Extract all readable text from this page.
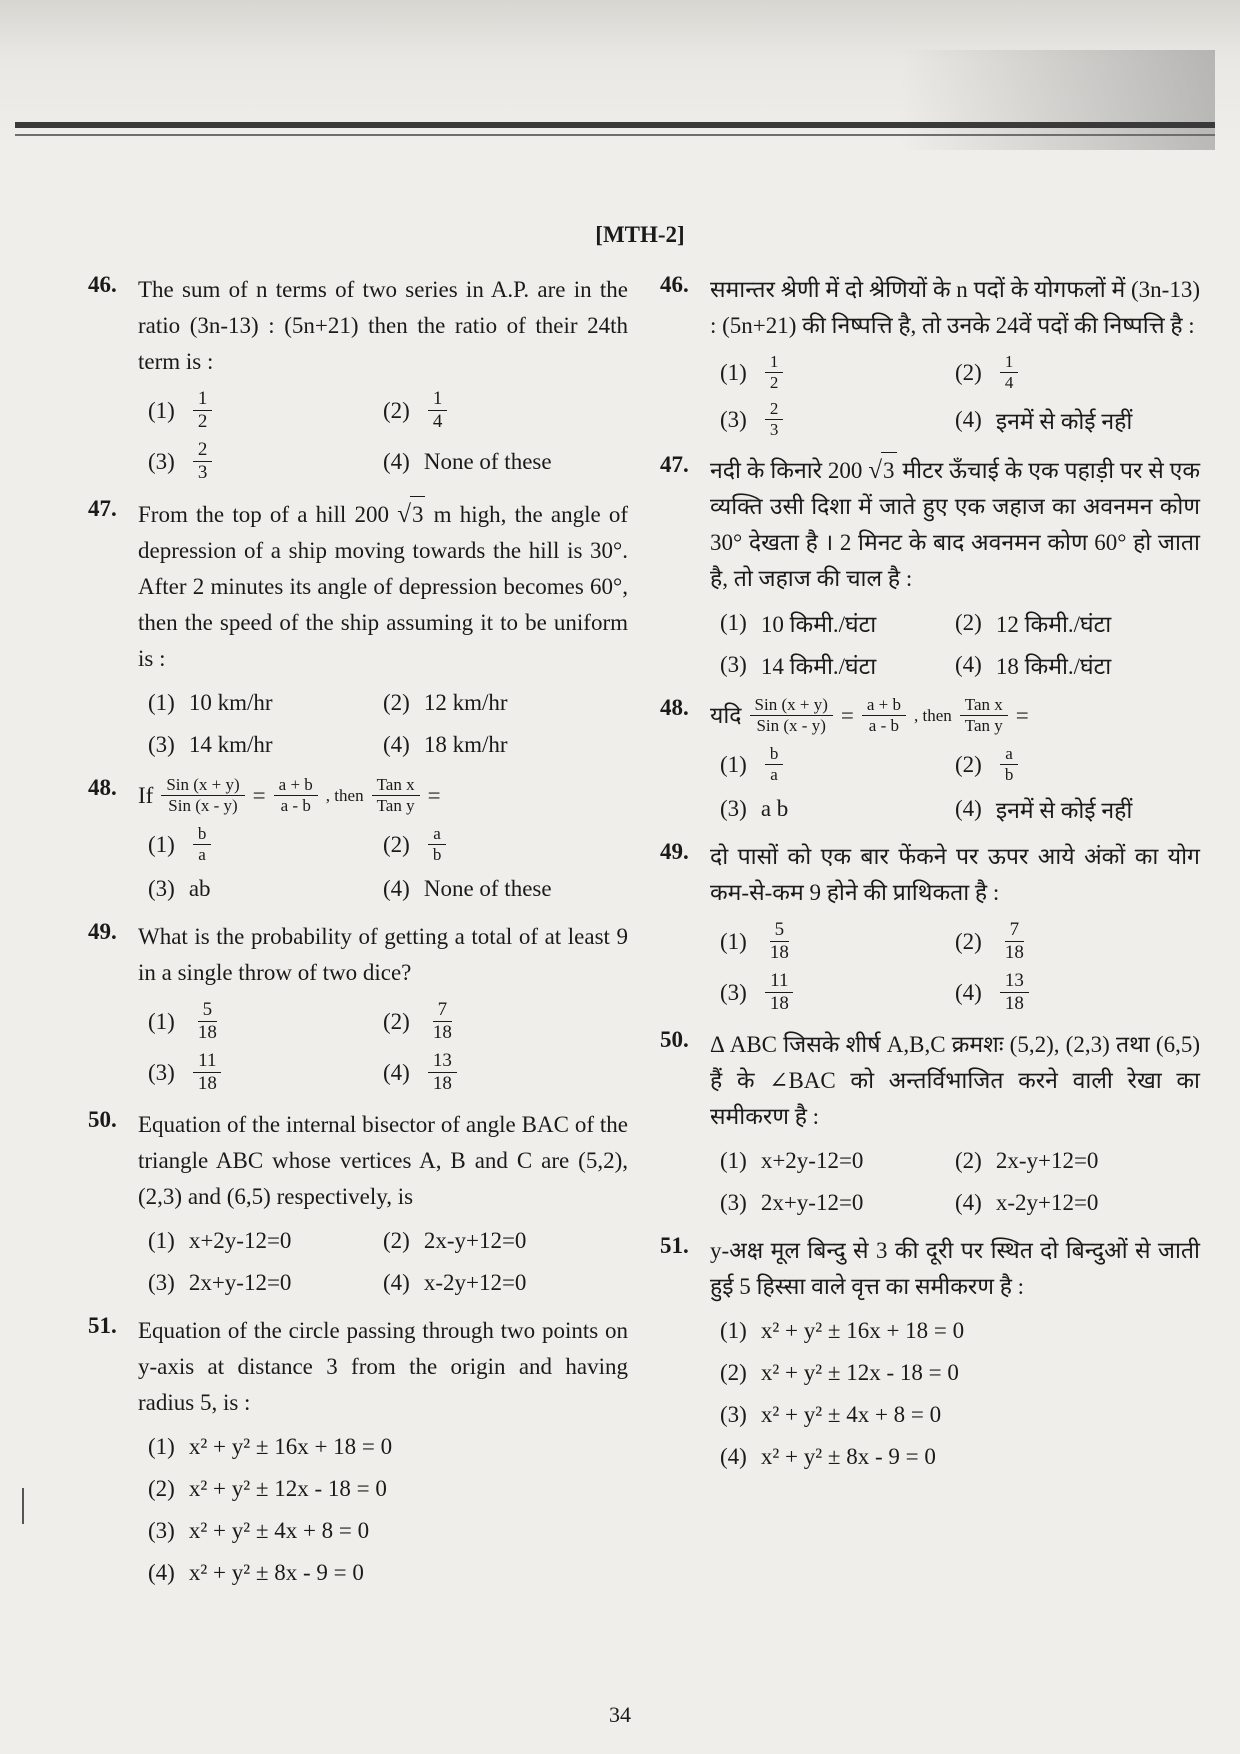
[MTH-2]
46. The sum of n terms of two series in A.P. are in the ratio (3n-13) : (5n+21) then the ratio of their 24th term is :
$(1) \frac{1}{2}$	$(2) \frac{1}{4}$
$(3) \frac{2}{3}$	(4) None of these
47. From the top of a hill 200 √ 3 m high, the angle of depression of a ship moving towards the hill is 30°. After 2 minutes its angle of depression becomes 60°, then the speed of the ship assuming it to be uniform is :
(1) 10 km/hr	(2) 12 km/hr
(3) 14 km/hr	(4) 18 km/hr
48. If $\frac{\text{Sin (x + y)}}{\text{Sin (x - y)}} = \frac{a + b}{a - b}$ , then $\frac{\text{Tan x}}{\text{Tan y}}$ =
$(1) \frac{b}{a}$	$(2) \frac{a}{b}$
(3) ab	(4) None of these
49. What is the probability of getting a total of at least 9 in a single throw of two dice?
$(1) \frac{5}{18}$	$(2) \frac{7}{18}$
$(3) \frac{11}{18}$	$(4) \frac{13}{18}$
50. Equation of the internal bisector of angle BAC of the triangle ABC whose vertices A, B and C are (5,2), (2,3) and (6,5) respectively, is
(1) x+2y-12=0	(2) 2x-y+12=0
(3) 2x+y-12=0	(4) x-2y+12=0
51. Equation of the circle passing through two points on y-axis at distance 3 from the origin and having radius 5, is :
(1) x² + y² ± 16x + 18 = 0
(2) x² + y² ± 12x - 18 = 0
(3) x² + y² ± 4x + 8 = 0
(4) x² + y² ± 8x - 9 = 0
46. समान्तर श्रेणी में दो श्रेणियों के n पदों के योगफलों में (3n-13) : (5n+21) की निष्पत्ति है, तो उनके 24वें पदों की निष्पत्ति है :
$(1) \frac{1}{2}$	$(2) \frac{1}{4}$
$(3) \frac{2}{3}$	(4) इनमें से कोई नहीं
47. नदी के किनारे 200 √ 3 मीटर ऊँचाई के एक पहाड़ी पर से एक व्यक्ति उसी दिशा में जाते हुए एक जहाज का अवनमन कोण 30° देखता है । 2 मिनट के बाद अवनमन कोण 60° हो जाता है, तो जहाज की चाल है :
(1) 10 किमी./घंटा	(2) 12 किमी./घंटा
(3) 14 किमी./घंटा	(4) 18 किमी./घंटा
48. यदि $\frac{\text{Sin (x + y)}}{\text{Sin (x - y)}} = \frac{a + b}{a - b}$ , then $\frac{\text{Tan x}}{\text{Tan y}}$ =
$(1) \frac{b}{a}$	$(2) \frac{a}{b}$
(3) a b	(4) इनमें से कोई नहीं
49. दो पासों को एक बार फेंकने पर ऊपर आये अंकों का योग कम-से-कम 9 होने की प्राथिकता है :
$(1) \frac{5}{18}$	$(2) \frac{7}{18}$
$(3) \frac{11}{18}$	$(4) \frac{13}{18}$
50. Δ ABC जिसके शीर्ष A,B,C क्रमशः (5,2), (2,3) तथा (6,5) हैं के ∠BAC को अन्तर्विभाजित करने वाली रेखा का समीकरण है :
(1) x+2y-12=0	(2) 2x-y+12=0
(3) 2x+y-12=0	(4) x-2y+12=0
51. y-अक्ष मूल बिन्दु से 3 की दूरी पर स्थित दो बिन्दुओं से जाती हुई 5 हिस्सा वाले वृत्त का समीकरण है :
(1) x² + y² ± 16x + 18 = 0
(2) x² + y² ± 12x - 18 = 0
(3) x² + y² ± 4x + 8 = 0
(4) x² + y² ± 8x - 9 = 0
34
